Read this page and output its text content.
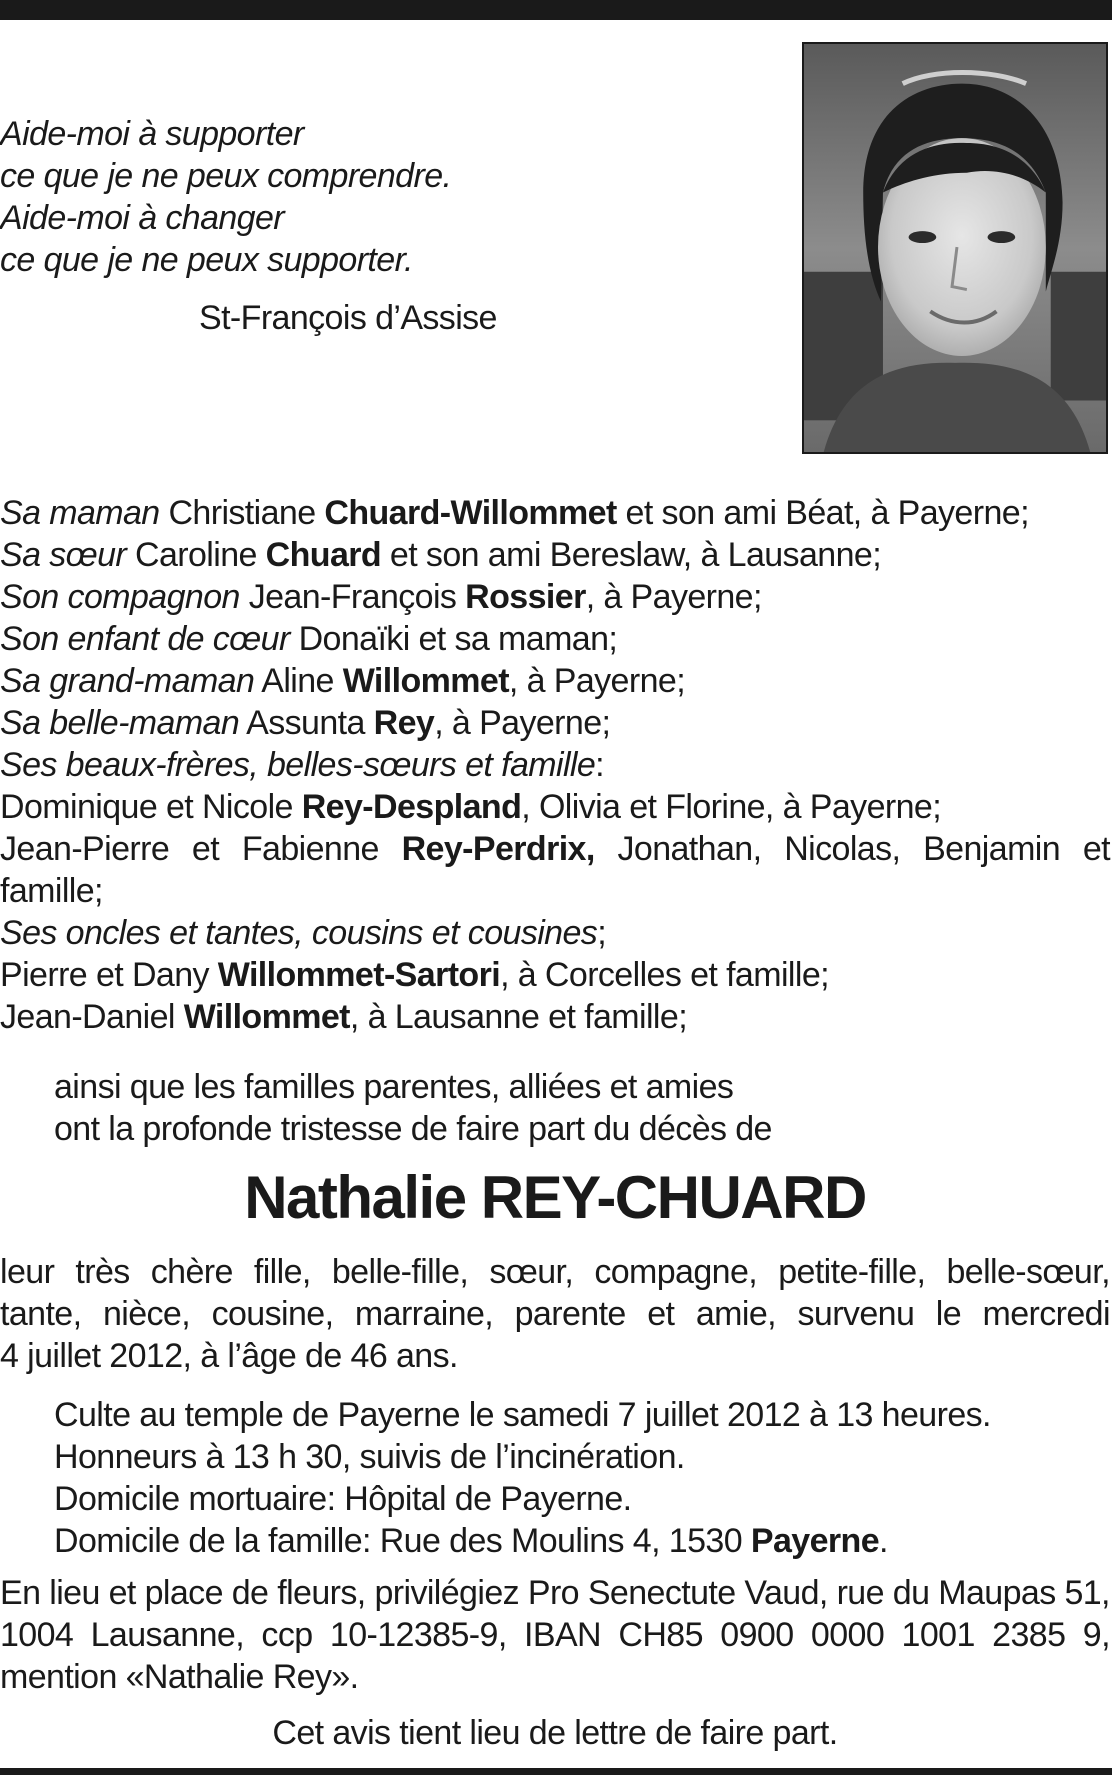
Aide-moi à supporter
ce que je ne peux comprendre.
Aide-moi à changer
ce que je ne peux supporter.
St-François d’Assise
Sa maman Christiane Chuard-Willommet et son ami Béat, à Payerne;
Sa sœur Caroline Chuard et son ami Bereslaw, à Lausanne;
Son compagnon Jean-François Rossier, à Payerne;
Son enfant de cœur Donaïki et sa maman;
Sa grand-maman Aline Willommet, à Payerne;
Sa belle-maman Assunta Rey, à Payerne;
Ses beaux-frères, belles-sœurs et famille:
Dominique et Nicole Rey-Despland, Olivia et Florine, à Payerne;
Jean-Pierre et Fabienne Rey-Perdrix, Jonathan, Nicolas, Benjamin et
famille;
Ses oncles et tantes, cousins et cousines;
Pierre et Dany Willommet-Sartori, à Corcelles et famille;
Jean-Daniel Willommet, à Lausanne et famille;
ainsi que les familles parentes, alliées et amies
ont la profonde tristesse de faire part du décès de
Nathalie REY-CHUARD
leur très chère fille, belle-fille, sœur, compagne, petite-fille, belle-sœur,
tante, nièce, cousine, marraine, parente et amie, survenu le mercredi
4 juillet 2012, à l’âge de 46 ans.
Culte au temple de Payerne le samedi 7 juillet 2012 à 13 heures.
Honneurs à 13 h 30, suivis de l’incinération.
Domicile mortuaire: Hôpital de Payerne.
Domicile de la famille: Rue des Moulins 4, 1530 Payerne.
En lieu et place de fleurs, privilégiez Pro Senectute Vaud, rue du Maupas 51,
1004 Lausanne, ccp 10-12385-9, IBAN CH85 0900 0000 1001 2385 9,
mention «Nathalie Rey».
Cet avis tient lieu de lettre de faire part.
